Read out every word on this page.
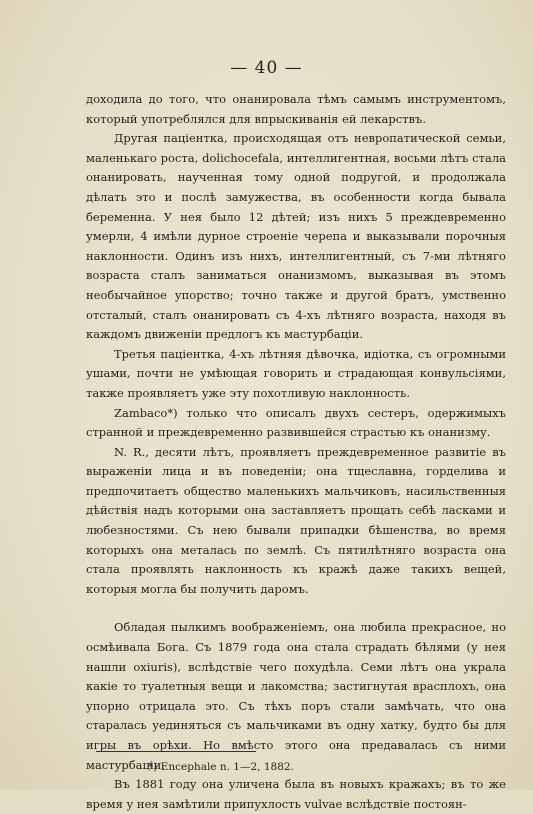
— 40 —

доходила до того, что онанировала тѣмъ самымъ инструментомъ, который употреблялся для впрыскиванія ей лекарствъ.

Другая паціентка, происходящая отъ невропатической семьи, маленькаго роста, dolichocefala, интеллигентная, восьми лѣтъ стала онанировать, наученная тому одной подругой, и продолжала дѣлать это и послѣ замужества, въ особенности когда бывала беременна. У нея было 12 дѣтей; изъ нихъ 5 преждевременно умерли, 4 имѣли дурное строеніе черепа и выказывали порочныя наклонности. Одинъ изъ нихъ, интеллигентный, съ 7-ми лѣтняго возраста сталъ заниматься онанизмомъ, выказывая въ этомъ необычайное упорство; точно также и другой братъ, умственно отсталый, сталъ онанировать съ 4-хъ лѣтняго возраста, находя въ каждомъ движеніи предлогъ къ мастурбаціи.

Третья паціентка, 4-хъ лѣтняя дѣвочка, идіотка, съ огромными ушами, почти не умѣющая говорить и страдающая конвульсіями, также проявляетъ уже эту похотливую наклонность.

Zambaco*) только что описалъ двухъ сестеръ, одержимыхъ странной и преждевременно развившейся страстью къ онанизму.

N. R., десяти лѣтъ, проявляетъ преждевременное развитіе въ выраженіи лица и въ поведеніи; она тщеславна, горделива и предпочитаетъ общество маленькихъ мальчиковъ, насильственныя дѣйствія надъ которыми она заставляетъ прощать себѣ ласками и любезностями. Съ нею бывали припадки бѣшенства, во время которыхъ она металась по землѣ. Съ пятилѣтняго возраста она стала проявлять наклонность къ кражѣ даже такихъ вещей, которыя могла бы получить даромъ.

Обладая пылкимъ воображеніемъ, она любила прекрасное, но осмѣивала Бога. Съ 1879 года она стала страдать бѣлями (у нея нашли oxiuris), вслѣдствіе чего похудѣла. Семи лѣтъ она украла какіе то туалетныя вещи и лакомства; застигнутая врасплохъ, она упорно отрицала это. Съ тѣхъ поръ стали замѣчать, что она старалась уединяться съ мальчиками въ одну хатку, будто бы для игры въ орѣхи. Но вмѣсто этого она предавалась съ ними мастурбаціи.

Въ 1881 году она уличена была въ новыхъ кражахъ; въ то же время у нея замѣтили припухлость vulvae вслѣдствіе постоян-

*) Encephale n. 1—2, 1882.
